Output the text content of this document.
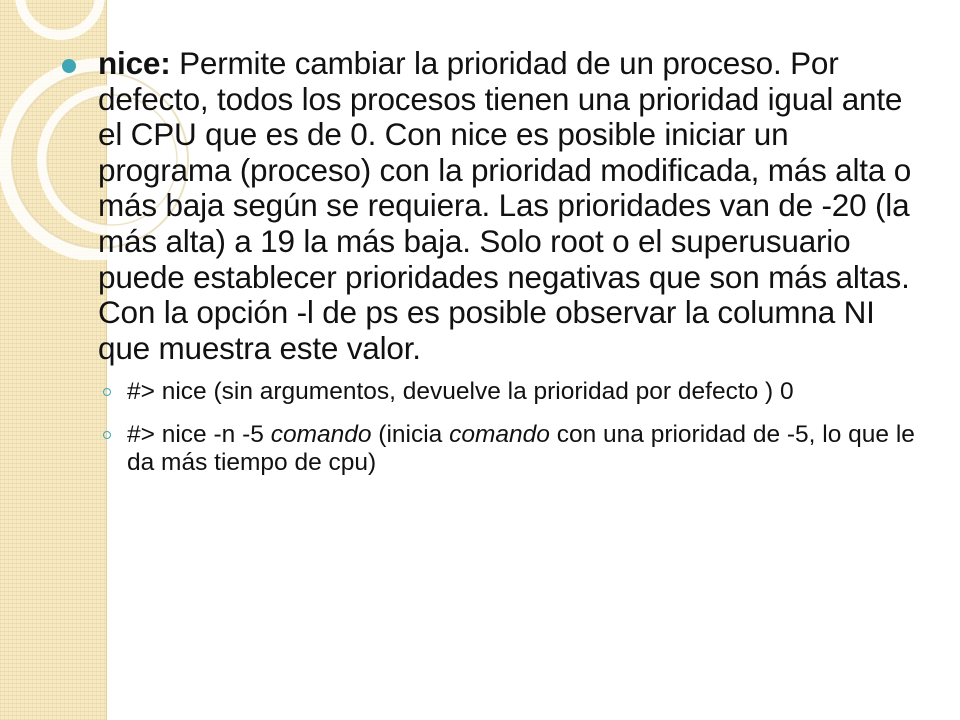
nice: Permite cambiar la prioridad de un proceso. Por defecto, todos los procesos tienen una prioridad igual ante el CPU que es de 0. Con nice es posible iniciar un programa (proceso) con la prioridad modificada, más alta o más baja según se requiera. Las prioridades van de -20 (la más alta) a 19 la más baja. Solo root o el superusuario puede establecer prioridades negativas que son más altas. Con la opción -l de ps es posible observar la columna NI que muestra este valor.
#> nice (sin argumentos, devuelve la prioridad por defecto ) 0
#> nice -n -5 comando (inicia comando con una prioridad de -5, lo que le da más tiempo de cpu)
